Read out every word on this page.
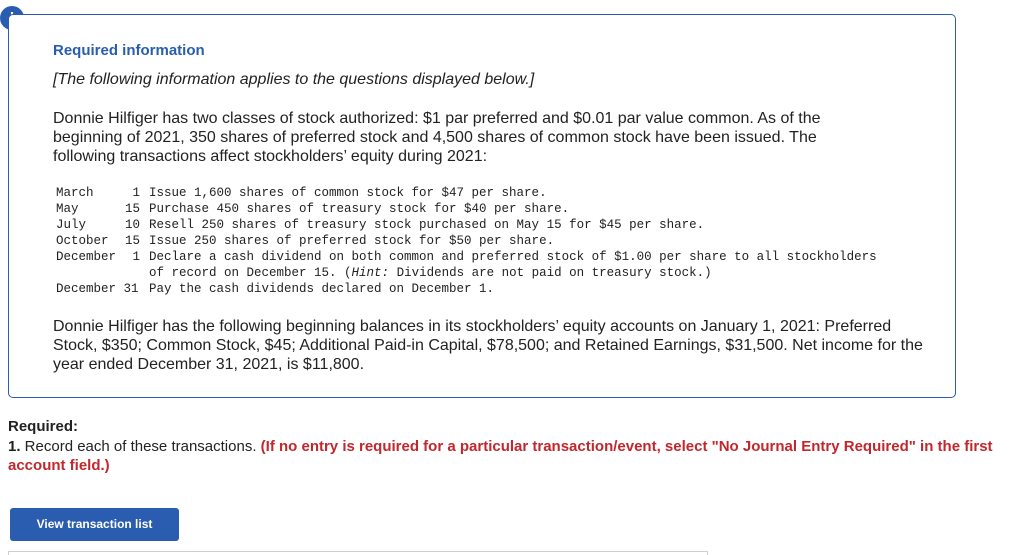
Required information
[The following information applies to the questions displayed below.]
Donnie Hilfiger has two classes of stock authorized: $1 par preferred and $0.01 par value common. As of the beginning of 2021, 350 shares of preferred stock and 4,500 shares of common stock have been issued. The following transactions affect stockholders’ equity during 2021:
March	1	Issue 1,600 shares of common stock for $47 per share.
May	15	Purchase 450 shares of treasury stock for $40 per share.
July	10	Resell 250 shares of treasury stock purchased on May 15 for $45 per share.
October	15	Issue 250 shares of preferred stock for $50 per share.
December	1	Declare a cash dividend on both common and preferred stock of $1.00 per share to all stockholders of record on December 15. (Hint: Dividends are not paid on treasury stock.)
December 31		Pay the cash dividends declared on December 1.
Donnie Hilfiger has the following beginning balances in its stockholders’ equity accounts on January 1, 2021: Preferred Stock, $350; Common Stock, $45; Additional Paid-in Capital, $78,500; and Retained Earnings, $31,500. Net income for the year ended December 31, 2021, is $11,800.
Required:
1. Record each of these transactions. (If no entry is required for a particular transaction/event, select "No Journal Entry Required" in the first account field.)
View transaction list
